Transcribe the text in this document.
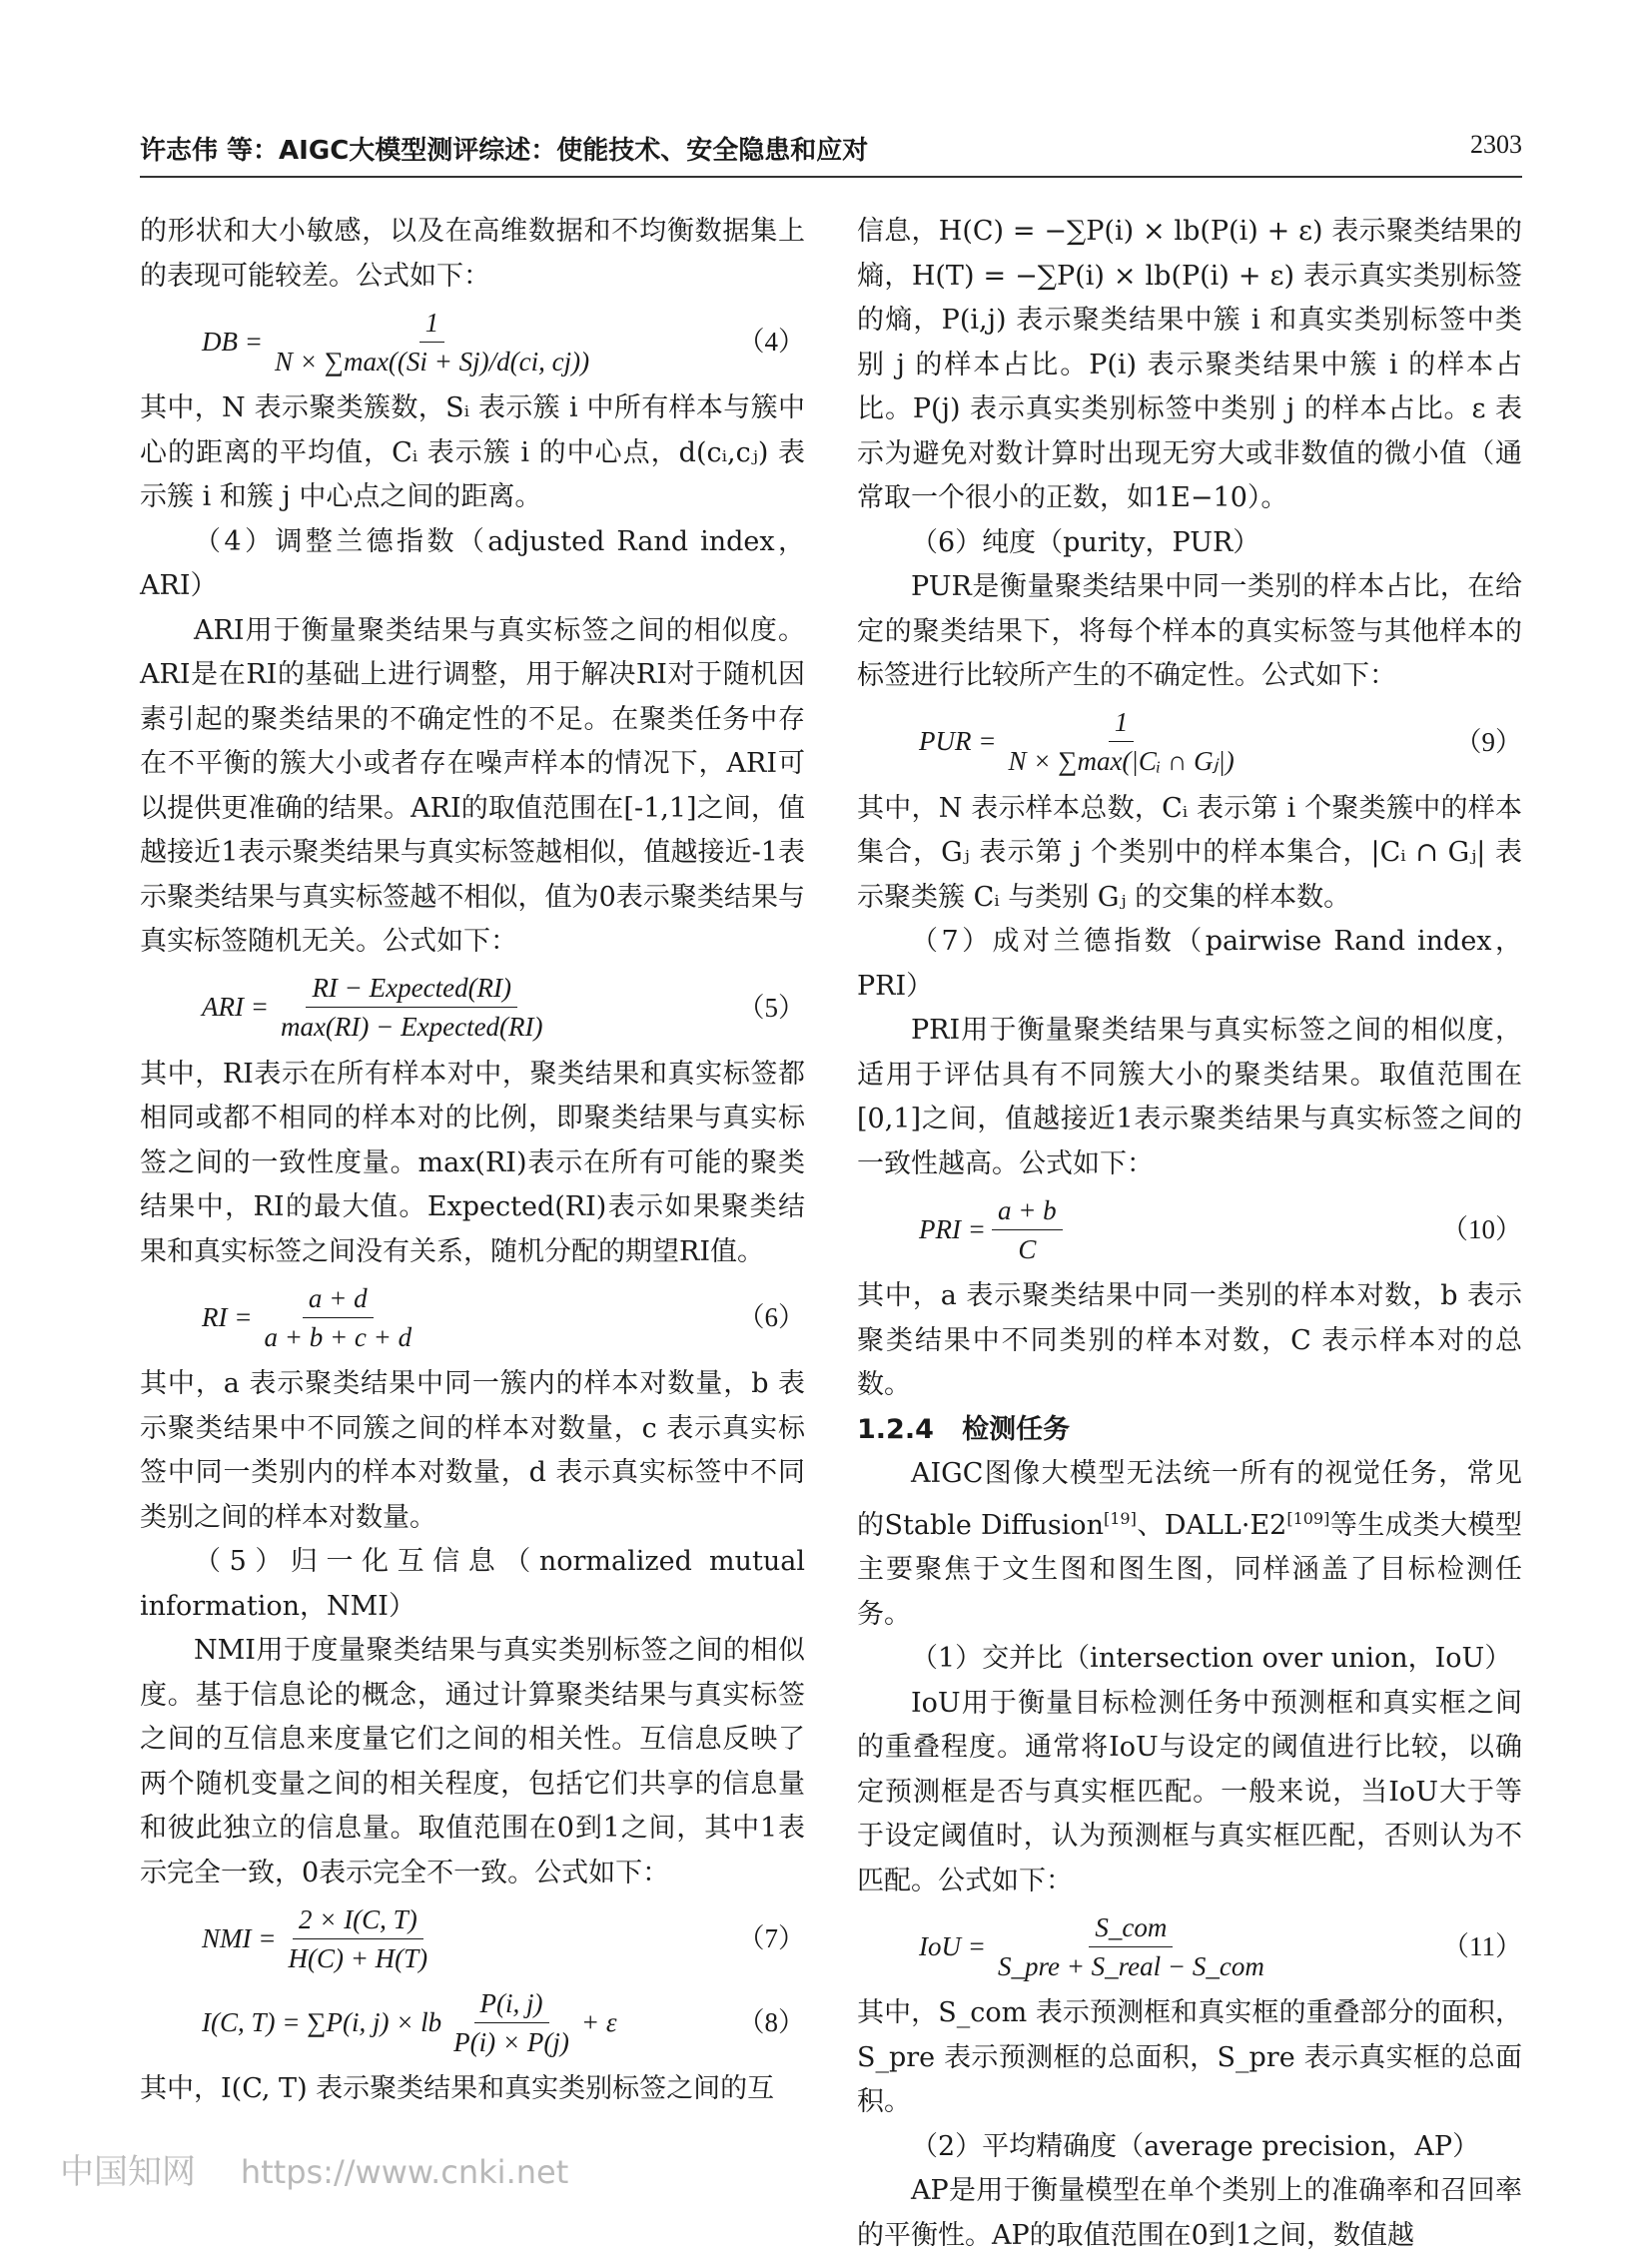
许志伟 等：AIGC大模型测评综述：使能技术、安全隐患和应对	2303

的形状和大小敏感，以及在高维数据和不均衡数据集上的表现可能较差。公式如下：

DB = $\frac{1}{N \times \sum\max((Si + Sj)/d(ci, cj))}$	（4）

其中，N 表示聚类簇数，Sᵢ 表示簇 i 中所有样本与簇中心的距离的平均值，Cᵢ 表示簇 i 的中心点，d(cᵢ,cⱼ) 表示簇 i 和簇 j 中心点之间的距离。

（4）调整兰德指数（adjusted Rand index，ARI）

ARI用于衡量聚类结果与真实标签之间的相似度。ARI是在RI的基础上进行调整，用于解决RI对于随机因素引起的聚类结果的不确定性的不足。在聚类任务中存在不平衡的簇大小或者存在噪声样本的情况下，ARI可以提供更准确的结果。ARI的取值范围在[-1,1]之间，值越接近1表示聚类结果与真实标签越相似，值越接近-1表示聚类结果与真实标签越不相似，值为0表示聚类结果与真实标签随机无关。公式如下：

ARI = $\frac{\text{RI − Expected(RI)}}{\text{max(RI) − Expected(RI)}}$	（5）

其中，RI表示在所有样本对中，聚类结果和真实标签都相同或都不相同的样本对的比例，即聚类结果与真实标签之间的一致性度量。max(RI)表示在所有可能的聚类结果中，RI的最大值。Expected(RI)表示如果聚类结果和真实标签之间没有关系，随机分配的期望RI值。

RI = $\frac{a + d}{a + b + c + d}$	（6）

其中，a 表示聚类结果中同一簇内的样本对数量，b 表示聚类结果中不同簇之间的样本对数量，c 表示真实标签中同一类别内的样本对数量，d 表示真实标签中不同类别之间的样本对数量。

（5）归一化互信息（normalized mutual information，NMI）

NMI用于度量聚类结果与真实类别标签之间的相似度。基于信息论的概念，通过计算聚类结果与真实标签之间的互信息来度量它们之间的相关性。互信息反映了两个随机变量之间的相关程度，包括它们共享的信息量和彼此独立的信息量。取值范围在0到1之间，其中1表示完全一致，0表示完全不一致。公式如下：

NMI = $\frac{2 \times I(C, T)}{H(C) + H(T)}$	（7）
I(C, T) = ∑P(i, j) × lb $\frac{P(i, j)}{P(i) \times P(j)} + \varepsilon$	（8）

其中，I(C, T) 表示聚类结果和真实类别标签之间的互

信息，H(C) = −∑P(i) × lb(P(i) + ε) 表示聚类结果的熵，H(T) = −∑P(i) × lb(P(i) + ε) 表示真实类别标签的熵，P(i,j) 表示聚类结果中簇 i 和真实类别标签中类别 j 的样本占比。P(i) 表示聚类结果中簇 i 的样本占比。P(j) 表示真实类别标签中类别 j 的样本占比。ε 表示为避免对数计算时出现无穷大或非数值的微小值（通常取一个很小的正数，如1E−10）。

（6）纯度（purity，PUR）

PUR是衡量聚类结果中同一类别的样本占比，在给定的聚类结果下，将每个样本的真实标签与其他样本的标签进行比较所产生的不确定性。公式如下：

PUR = $\frac{1}{\text{N × ∑max(|Cᵢ ∩ Gⱼ|)}}$	（9）

其中，N 表示样本总数，Cᵢ 表示第 i 个聚类簇中的样本集合，Gⱼ 表示第 j 个类别中的样本集合，|Cᵢ ∩ Gⱼ| 表示聚类簇 Cᵢ 与类别 Gⱼ 的交集的样本数。

（7）成对兰德指数（pairwise Rand index，PRI）

PRI用于衡量聚类结果与真实标签之间的相似度，适用于评估具有不同簇大小的聚类结果。取值范围在[0,1]之间，值越接近1表示聚类结果与真实标签之间的一致性越高。公式如下：

PRI = $\frac{a + b}{C}$	（10）

其中，a 表示聚类结果中同一类别的样本对数，b 表示聚类结果中不同类别的样本对数，C 表示样本对的总数。

1.2.4 检测任务

AIGC图像大模型无法统一所有的视觉任务，常见的Stable Diffusion[19]、DALL·E2[109]等生成类大模型主要聚焦于文生图和图生图，同样涵盖了目标检测任务。

（1）交并比（intersection over union，IoU）

IoU用于衡量目标检测任务中预测框和真实框之间的重叠程度。通常将IoU与设定的阈值进行比较，以确定预测框是否与真实框匹配。一般来说，当IoU大于等于设定阈值时，认为预测框与真实框匹配，否则认为不匹配。公式如下：

IoU = $\frac{\text{S\_com}}{\text{S\_pre + S\_real − S\_com}}$	（11）

其中，S_com 表示预测框和真实框的重叠部分的面积，S_pre 表示预测框的总面积，S_pre 表示真实框的总面积。

（2）平均精确度（average precision，AP）

AP是用于衡量模型在单个类别上的准确率和召回率的平衡性。AP的取值范围在0到1之间，数值越

中国知网 https://www.cnki.net
